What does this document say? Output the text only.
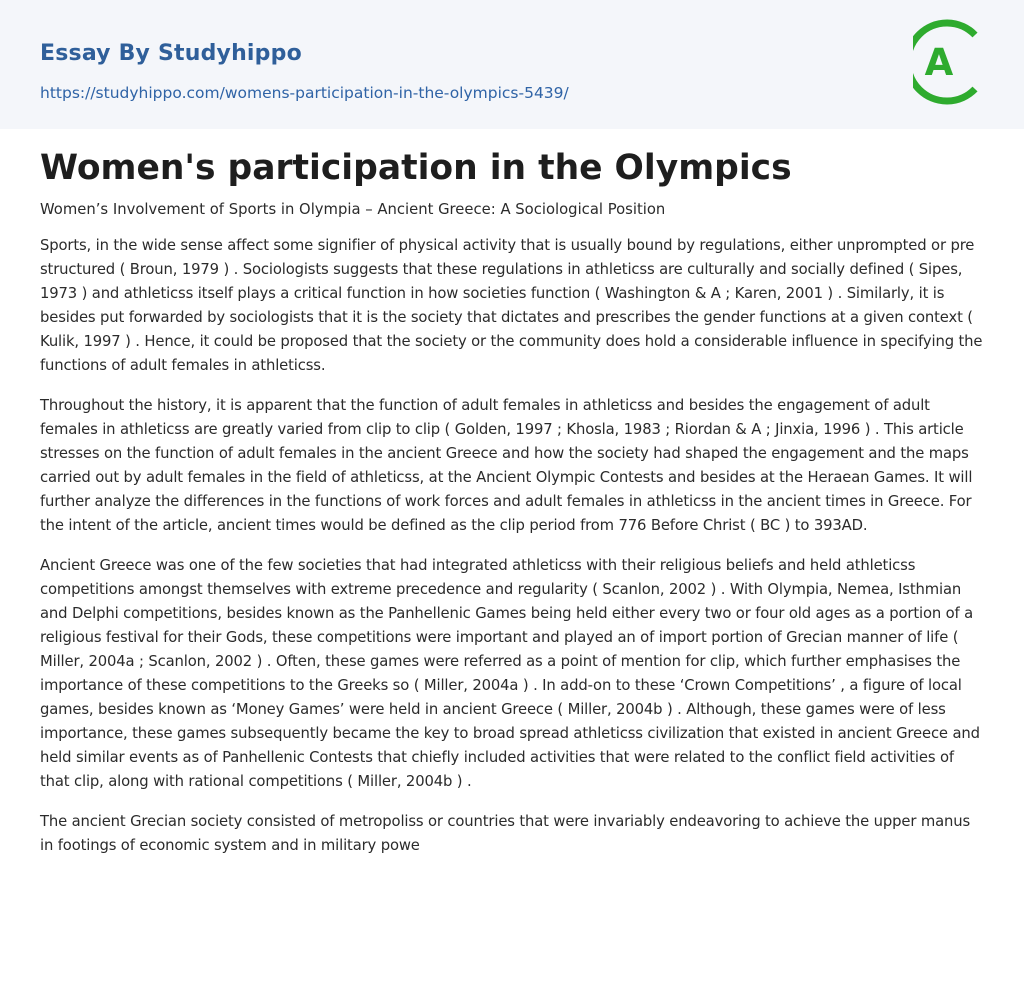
Essay By Studyhippo
https://studyhippo.com/womens-participation-in-the-olympics-5439/
A
Women's participation in the Olympics

Women’s Involvement of Sports in Olympia – Ancient Greece: A Sociological Position

Sports, in the wide sense affect some signifier of physical activity that is usually bound by regulations, either unprompted or pre structured ( Broun, 1979 ) . Sociologists suggests that these regulations in athleticss are culturally and socially defined ( Sipes, 1973 ) and athleticss itself plays a critical function in how societies function ( Washington & A ; Karen, 2001 ) . Similarly, it is besides put forwarded by sociologists that it is the society that dictates and prescribes the gender functions at a given context ( Kulik, 1997 ) . Hence, it could be proposed that the society or the community does hold a considerable influence in specifying the functions of adult females in athleticss.

Throughout the history, it is apparent that the function of adult females in athleticss and besides the engagement of adult females in athleticss are greatly varied from clip to clip ( Golden, 1997 ; Khosla, 1983 ; Riordan & A ; Jinxia, 1996 ) . This article stresses on the function of adult females in the ancient Greece and how the society had shaped the engagement and the maps carried out by adult females in the field of athleticss, at the Ancient Olympic Contests and besides at the Heraean Games. It will further analyze the differences in the functions of work forces and adult females in athleticss in the ancient times in Greece. For the intent of the article, ancient times would be defined as the clip period from 776 Before Christ ( BC ) to 393AD.

Ancient Greece was one of the few societies that had integrated athleticss with their religious beliefs and held athleticss competitions amongst themselves with extreme precedence and regularity ( Scanlon, 2002 ) . With Olympia, Nemea, Isthmian and Delphi competitions, besides known as the Panhellenic Games being held either every two or four old ages as a portion of a religious festival for their Gods, these competitions were important and played an of import portion of Grecian manner of life ( Miller, 2004a ; Scanlon, 2002 ) . Often, these games were referred as a point of mention for clip, which further emphasises the importance of these competitions to the Greeks so ( Miller, 2004a ) . In add-on to these ‘Crown Competitions’ , a figure of local games, besides known as ‘Money Games’ were held in ancient Greece ( Miller, 2004b ) . Although, these games were of less importance, these games subsequently became the key to broad spread athleticss civilization that existed in ancient Greece and held similar events as of Panhellenic Contests that chiefly included activities that were related to the conflict field activities of that clip, along with rational competitions ( Miller, 2004b ) .

The ancient Grecian society consisted of metropoliss or countries that were invariably endeavoring to achieve the upper manus in footings of economic system and in military powe
